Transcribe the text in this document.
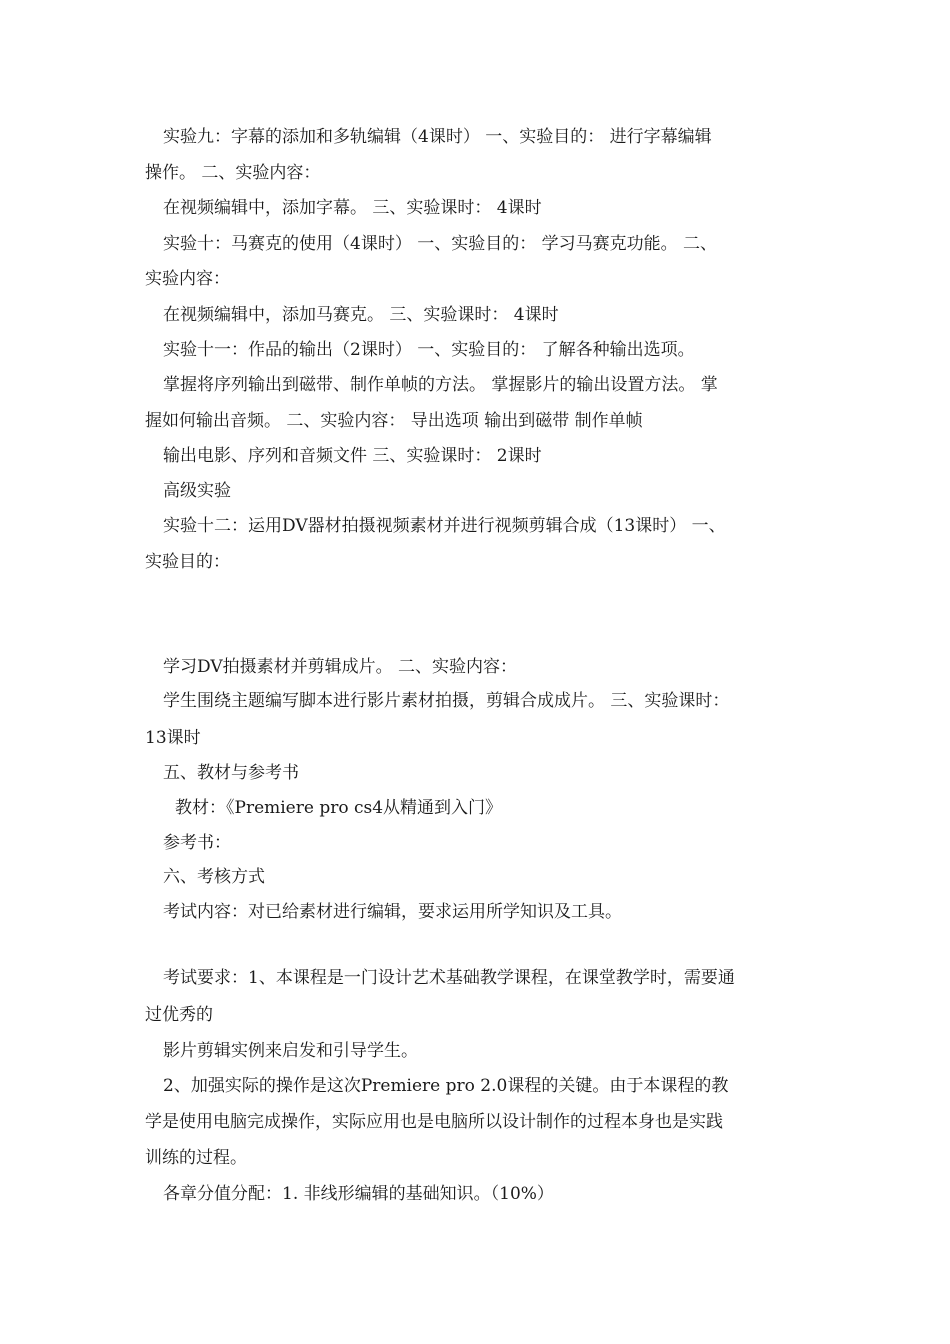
实验九：字幕的添加和多轨编辑（4课时） 一、实验目的： 进行字幕编辑
操作。 二、实验内容：
在视频编辑中，添加字幕。 三、实验课时： 4课时
实验十：马赛克的使用（4课时） 一、实验目的： 学习马赛克功能。 二、
实验内容：
在视频编辑中，添加马赛克。 三、实验课时： 4课时
实验十一：作品的输出（2课时） 一、实验目的： 了解各种输出选项。
掌握将序列输出到磁带、制作单帧的方法。 掌握影片的输出设置方法。 掌
握如何输出音频。 二、实验内容： 导出选项 输出到磁带 制作单帧
输出电影、序列和音频文件 三、实验课时： 2课时
高级实验
实验十二：运用DV器材拍摄视频素材并进行视频剪辑合成（13课时） 一、
实验目的：
学习DV拍摄素材并剪辑成片。 二、实验内容：
学生围绕主题编写脚本进行影片素材拍摄，剪辑合成成片。 三、实验课时：
13课时
五、教材与参考书
教材：《Premiere pro cs4从精通到入门》
参考书：
六、考核方式
考试内容：对已给素材进行编辑，要求运用所学知识及工具。
考试要求：1、本课程是一门设计艺术基础教学课程，在课堂教学时，需要通
过优秀的
影片剪辑实例来启发和引导学生。
2、加强实际的操作是这次Premiere pro 2.0课程的关键。由于本课程的教
学是使用电脑完成操作，实际应用也是电脑所以设计制作的过程本身也是实践
训练的过程。
各章分值分配：1. 非线形编辑的基础知识。（10%）
